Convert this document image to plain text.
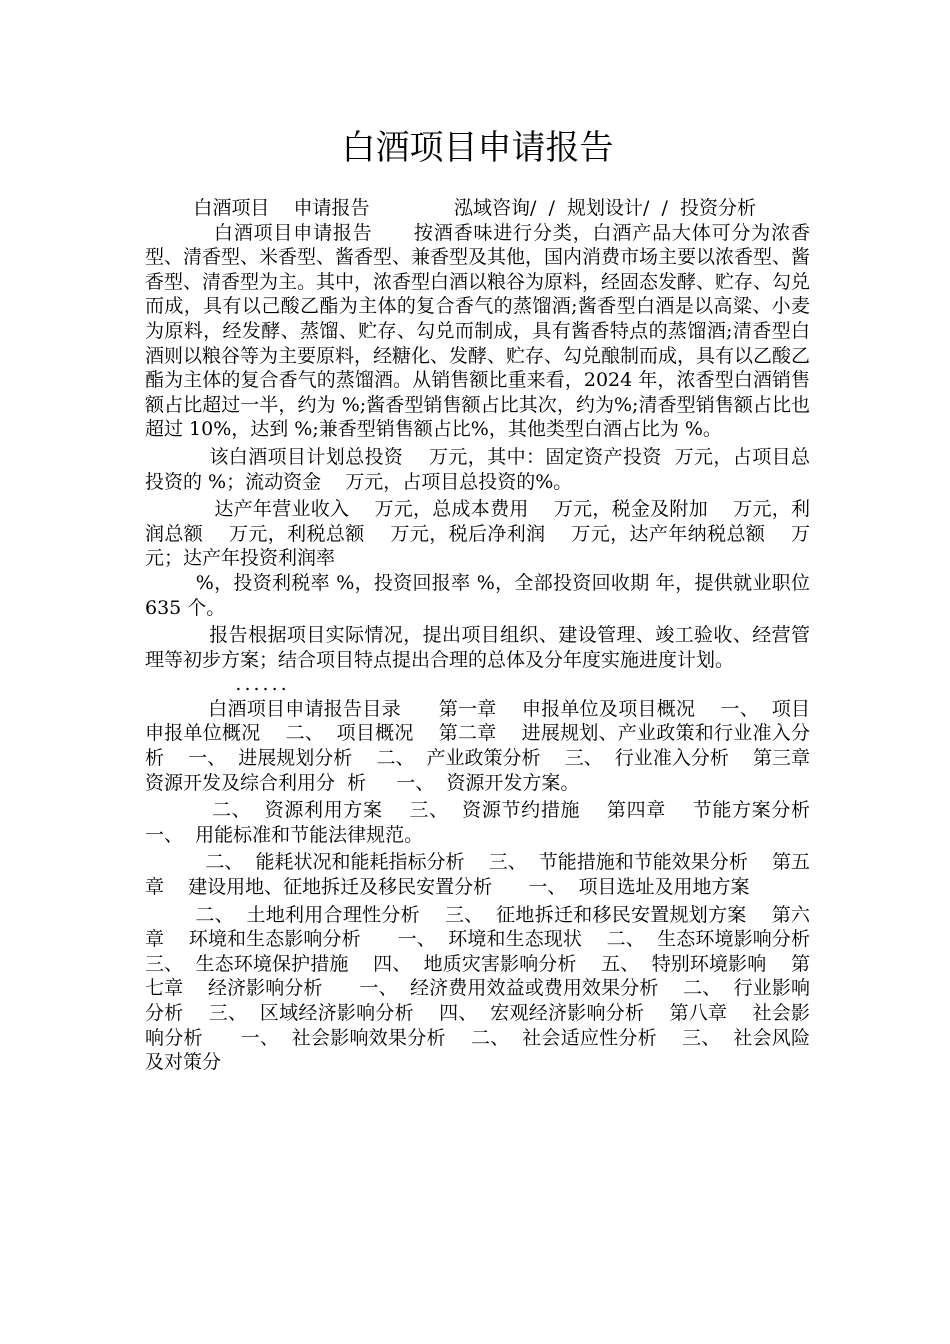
白酒项目申请报告

白酒项目    申请报告              泓域咨询/  /  规划设计/  /  投资分析

白酒项目申请报告      按酒香味进行分类，白酒产品大体可分为浓香型、清香型、米香型、酱香型、兼香型及其他，国内消费市场主要以浓香型、酱香型、清香型为主。其中，浓香型白酒以粮谷为原料，经固态发酵、贮存、勾兑而成，具有以己酸乙酯为主体的复合香气的蒸馏酒;酱香型白酒是以高粱、小麦为原料，经发酵、蒸馏、贮存、勾兑而制成，具有酱香特点的蒸馏酒;清香型白酒则以粮谷等为主要原料，经糖化、发酵、贮存、勾兑酿制而成，具有以乙酸乙酯为主体的复合香气的蒸馏酒。从销售额比重来看，2024 年，浓香型白酒销售额占比超过一半，约为 %;酱香型销售额占比其次，约为%;清香型销售额占比也超过 10%，达到 %;兼香型销售额占比%，其他类型白酒占比为 %。

该白酒项目计划总投资    万元，其中：固定资产投资  万元，占项目总投资的 %；流动资金    万元，占项目总投资的%。

达产年营业收入    万元，总成本费用    万元，税金及附加    万元，利润总额    万元，利税总额    万元，税后净利润    万元，达产年纳税总额    万元；达产年投资利润率

%，投资利税率 %，投资回报率 %，全部投资回收期 年，提供就业职位 635 个。

报告根据项目实际情况，提出项目组织、建设管理、竣工验收、经营管理等初步方案；结合项目特点提出合理的总体及分年度实施进度计划。

......

白酒项目申请报告目录      第一章    申报单位及项目概况    一、  项目申报单位概况    二、  项目概况    第二章    进展规划、产业政策和行业准入分析    一、  进展规划分析    二、  产业政策分析    三、  行业准入分析    第三章    资源开发及综合利用分  析     一、  资源开发方案。

二、  资源利用方案    三、  资源节约措施    第四章    节能方案分析    一、  用能标准和节能法律规范。

二、  能耗状况和能耗指标分析    三、  节能措施和节能效果分析    第五章    建设用地、征地拆迁及移民安置分析      一、  项目选址及用地方案

二、  土地利用合理性分析    三、  征地拆迁和移民安置规划方案    第六章    环境和生态影响分析      一、  环境和生态现状    二、  生态环境影响分析    三、  生态环境保护措施    四、  地质灾害影响分析    五、  特别环境影响    第七章    经济影响分析      一、  经济费用效益或费用效果分析    二、  行业影响分析    三、  区域经济影响分析    四、  宏观经济影响分析    第八章    社会影响分析      一、  社会影响效果分析    二、  社会适应性分析    三、  社会风险及对策分
